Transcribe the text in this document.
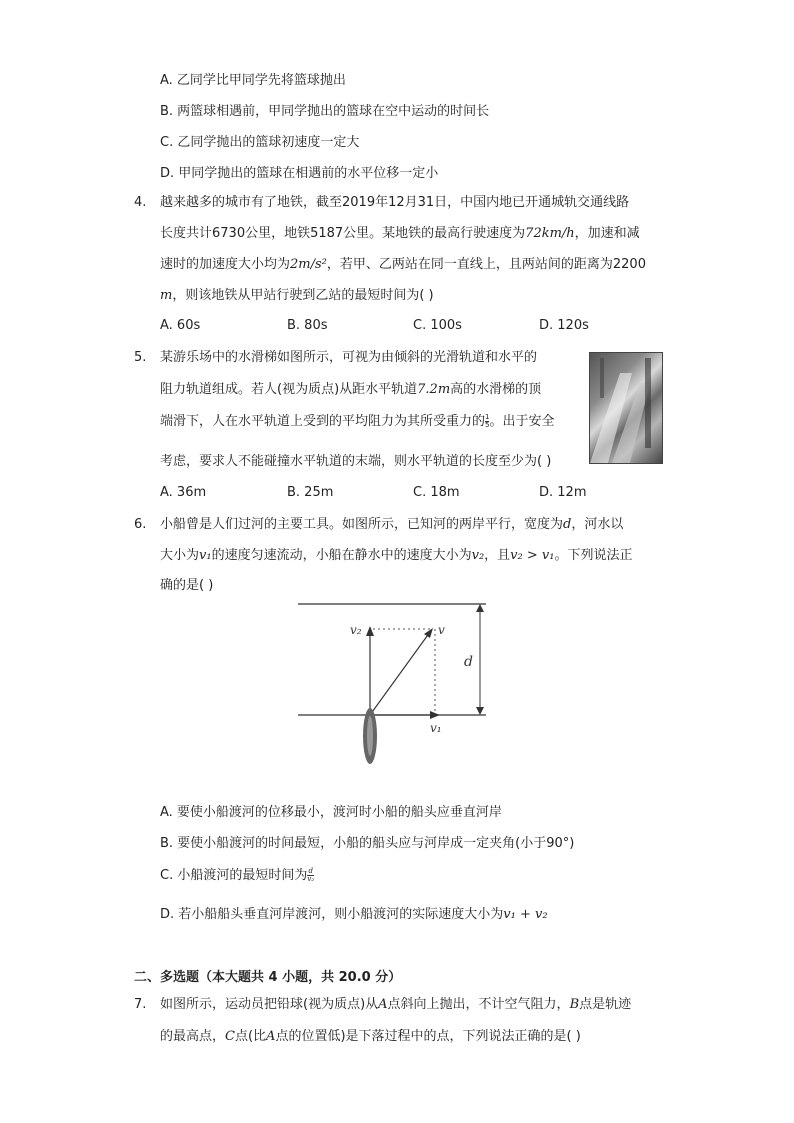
A. 乙同学比甲同学先将篮球抛出
B. 两篮球相遇前，甲同学抛出的篮球在空中运动的时间长
C. 乙同学抛出的篮球初速度一定大
D. 甲同学抛出的篮球在相遇前的水平位移一定小
4. 越来越多的城市有了地铁，截至2019年12月31日，中国内地已开通城轨交通线路
长度共计6730公里，地铁5187公里。某地铁的最高行驶速度为72km/h，加速和减
速时的加速度大小均为2m/s²，若甲、乙两站在同一直线上，且两站间的距离为2200
m，则该地铁从甲站行驶到乙站的最短时间为( )
A. 60s	B. 80s	C. 100s	D. 120s
5. 某游乐场中的水滑梯如图所示，可视为由倾斜的光滑轨道和水平的
阻力轨道组成。若人(视为质点)从距水平轨道7.2m高的水滑梯的顶
端滑下，人在水平轨道上受到的平均阻力为其所受重力的 $\frac{1}{5}$ 。出于安全
考虑，要求人不能碰撞水平轨道的末端，则水平轨道的长度至少为( )
A. 36m	B. 25m	C. 18m	D. 12m
6. 小船曾是人们过河的主要工具。如图所示，已知河的两岸平行，宽度为d，河水以
大小为v₁的速度匀速流动，小船在静水中的速度大小为v₂，且v₂ > v₁。下列说法正
确的是( )
v₂	v
d
v₁
A. 要使小船渡河的位移最小，渡河时小船的船头应垂直河岸
B. 要使小船渡河的时间最短，小船的船头应与河岸成一定夹角(小于90°)
C. 小船渡河的最短时间为 $\frac{d}{\text{v₂}}$
D. 若小船船头垂直河岸渡河，则小船渡河的实际速度大小为v₁ + v₂
二、多选题（本大题共 4 小题，共 20.0 分）
7. 如图所示，运动员把铅球(视为质点)从A点斜向上抛出，不计空气阻力，B点是轨迹
的最高点，C点(比A点的位置低)是下落过程中的点，下列说法正确的是( )
